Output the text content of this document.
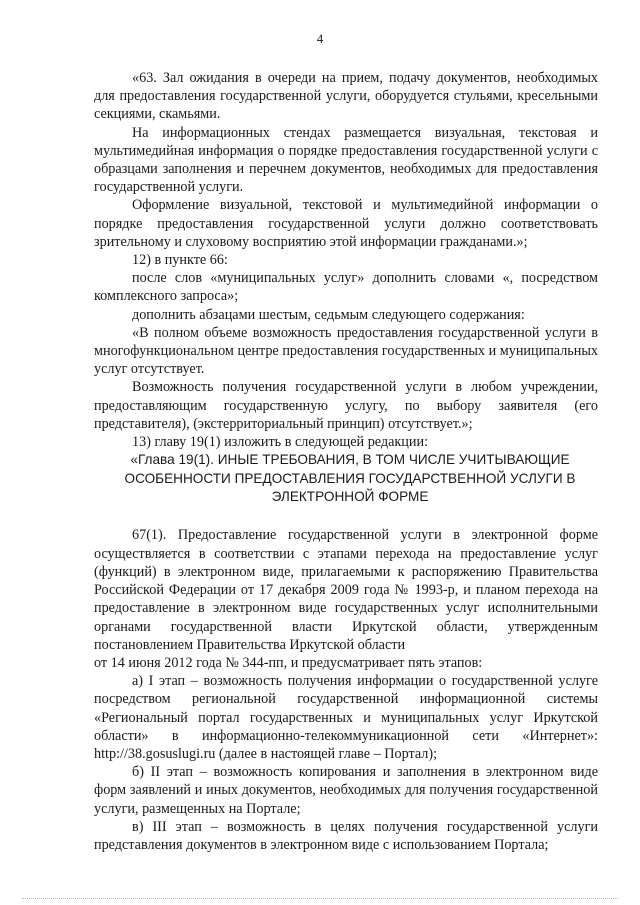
4

«63. Зал ожидания в очереди на прием, подачу документов, необходимых для предоставления государственной услуги, оборудуется стульями, кресельными секциями, скамьями.

На информационных стендах размещается визуальная, текстовая и мультимедийная информация о порядке предоставления государственной услуги с образцами заполнения и перечнем документов, необходимых для предоставления государственной услуги.

Оформление визуальной, текстовой и мультимедийной информации о порядке предоставления государственной услуги должно соответствовать зрительному и слуховому восприятию этой информации гражданами.»;

12) в пункте 66:

после слов «муниципальных услуг» дополнить словами «, посредством комплексного запроса»;

дополнить абзацами шестым, седьмым следующего содержания:

«В полном объеме возможность предоставления государственной услуги в многофункциональном центре предоставления государственных и муниципальных услуг отсутствует.

Возможность получения государственной услуги в любом учреждении, предоставляющим государственную услугу, по выбору заявителя (его представителя), (экстерриториальный принцип) отсутствует.»;

13) главу 19(1) изложить в следующей редакции:

«Глава 19(1). ИНЫЕ ТРЕБОВАНИЯ, В ТОМ ЧИСЛЕ УЧИТЫВАЮЩИЕ ОСОБЕННОСТИ ПРЕДОСТАВЛЕНИЯ ГОСУДАРСТВЕННОЙ УСЛУГИ В ЭЛЕКТРОННОЙ ФОРМЕ

67(1). Предоставление государственной услуги в электронной форме осуществляется в соответствии с этапами перехода на предоставление услуг (функций) в электронном виде, прилагаемыми к распоряжению Правительства Российской Федерации от 17 декабря 2009 года № 1993-р, и планом перехода на предоставление в электронном виде государственных услуг исполнительными органами государственной власти Иркутской области, утвержденным постановлением Правительства Иркутской области

от 14 июня 2012 года № 344-пп, и предусматривает пять этапов:

а) I этап – возможность получения информации о государственной услуге посредством региональной государственной информационной системы «Региональный портал государственных и муниципальных услуг Иркутской области» в информационно-телекоммуникационной сети «Интернет»: http://38.gosuslugi.ru (далее в настоящей главе – Портал);

б) II этап – возможность копирования и заполнения в электронном виде форм заявлений и иных документов, необходимых для получения государственной услуги, размещенных на Портале;

в) III этап – возможность в целях получения государственной услуги представления документов в электронном виде с использованием Портала;
